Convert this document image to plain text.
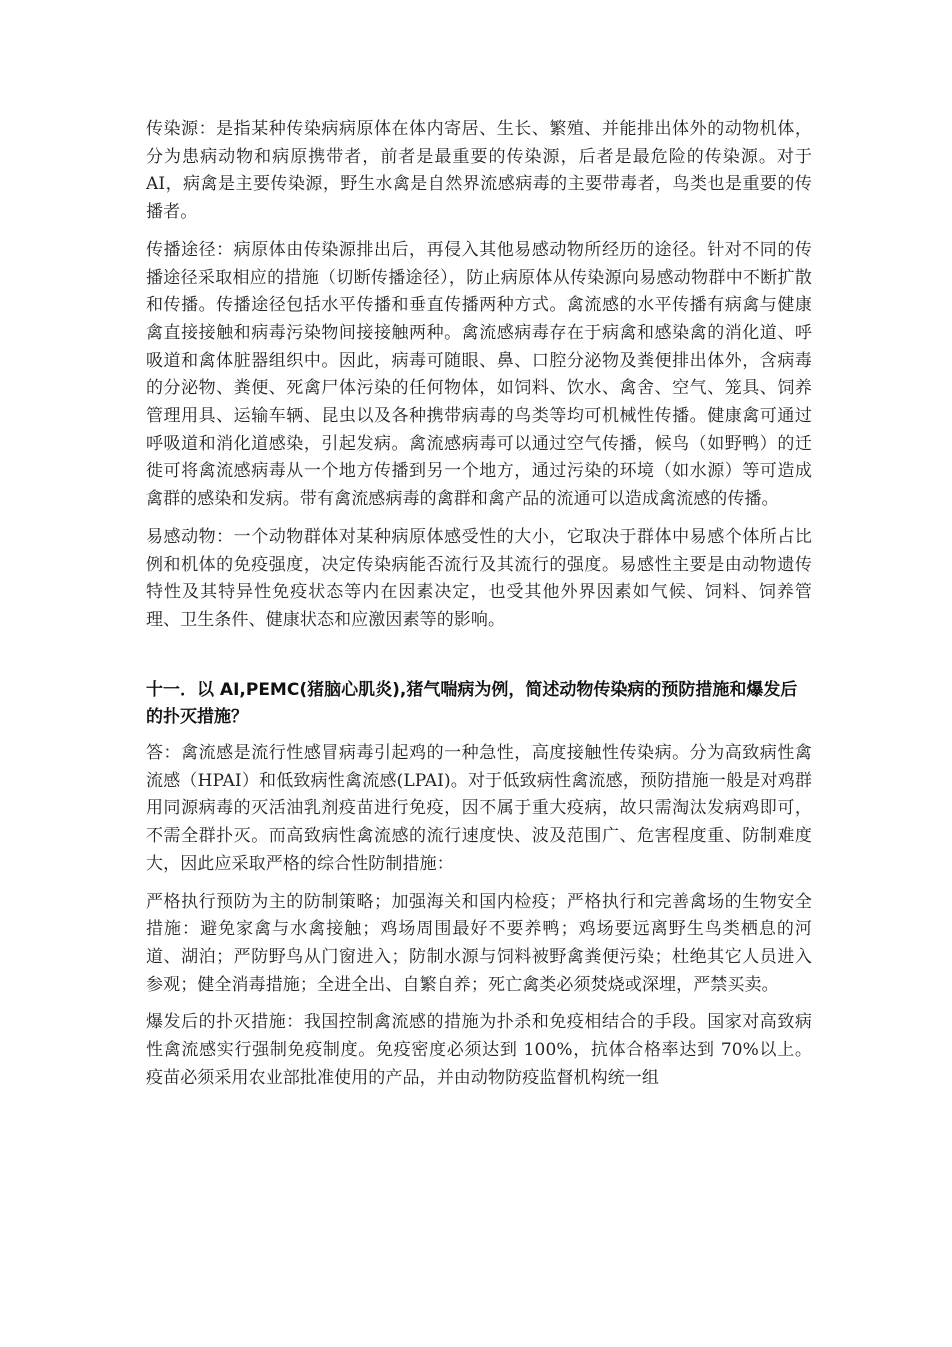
传染源：是指某种传染病病原体在体内寄居、生长、繁殖、并能排出体外的动物机体，分为患病动物和病原携带者，前者是最重要的传染源，后者是最危险的传染源。对于AI，病禽是主要传染源，野生水禽是自然界流感病毒的主要带毒者，鸟类也是重要的传播者。

传播途径：病原体由传染源排出后，再侵入其他易感动物所经历的途径。针对不同的传播途径采取相应的措施（切断传播途径），防止病原体从传染源向易感动物群中不断扩散和传播。传播途径包括水平传播和垂直传播两种方式。禽流感的水平传播有病禽与健康禽直接接触和病毒污染物间接接触两种。禽流感病毒存在于病禽和感染禽的消化道、呼吸道和禽体脏器组织中。因此，病毒可随眼、鼻、口腔分泌物及粪便排出体外，含病毒的分泌物、粪便、死禽尸体污染的任何物体，如饲料、饮水、禽舍、空气、笼具、饲养管理用具、运输车辆、昆虫以及各种携带病毒的鸟类等均可机械性传播。健康禽可通过呼吸道和消化道感染，引起发病。禽流感病毒可以通过空气传播，候鸟（如野鸭）的迁徙可将禽流感病毒从一个地方传播到另一个地方，通过污染的环境（如水源）等可造成禽群的感染和发病。带有禽流感病毒的禽群和禽产品的流通可以造成禽流感的传播。

易感动物：一个动物群体对某种病原体感受性的大小，它取决于群体中易感个体所占比例和机体的免疫强度，决定传染病能否流行及其流行的强度。易感性主要是由动物遗传特性及其特异性免疫状态等内在因素决定，也受其他外界因素如气候、饲料、饲养管理、卫生条件、健康状态和应激因素等的影响。

十一．以 AI,PEMC(猪脑心肌炎),猪气喘病为例，简述动物传染病的预防措施和爆发后的扑灭措施？

答：禽流感是流行性感冒病毒引起鸡的一种急性，高度接触性传染病。分为高致病性禽流感（HPAI）和低致病性禽流感(LPAI)。对于低致病性禽流感，预防措施一般是对鸡群用同源病毒的灭活油乳剂疫苗进行免疫，因不属于重大疫病，故只需淘汰发病鸡即可，不需全群扑灭。而高致病性禽流感的流行速度快、波及范围广、危害程度重、防制难度大，因此应采取严格的综合性防制措施：

严格执行预防为主的防制策略；加强海关和国内检疫；严格执行和完善禽场的生物安全措施：避免家禽与水禽接触；鸡场周围最好不要养鸭；鸡场要远离野生鸟类栖息的河道、湖泊；严防野鸟从门窗进入；防制水源与饲料被野禽粪便污染；杜绝其它人员进入参观；健全消毒措施；全进全出、自繁自养；死亡禽类必须焚烧或深埋，严禁买卖。

爆发后的扑灭措施：我国控制禽流感的措施为扑杀和免疫相结合的手段。国家对高致病性禽流感实行强制免疫制度。免疫密度必须达到 100%，抗体合格率达到 70%以上。 疫苗必须采用农业部批准使用的产品，并由动物防疫监督机构统一组
